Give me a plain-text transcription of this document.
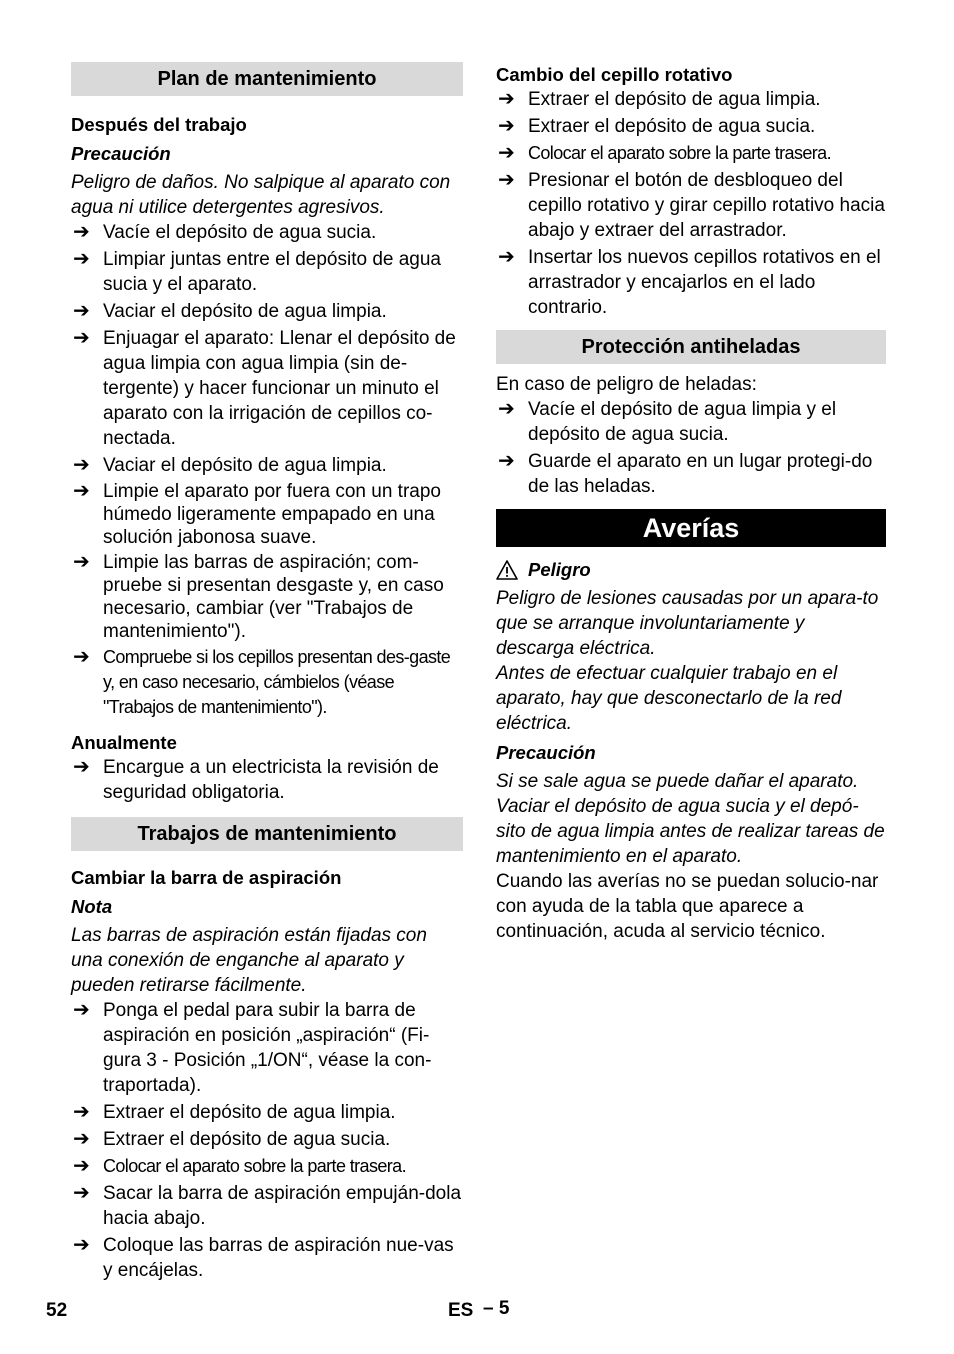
Plan de mantenimiento

Después del trabajo

Precaución

Peligro de daños. No salpique al aparato con agua ni utilice detergentes agresivos.

➔ Vacíe el depósito de agua sucia.
➔ Limpiar juntas entre el depósito de agua sucia y el aparato.
➔ Vaciar el depósito de agua limpia.
➔ Enjuagar el aparato: Llenar el depósito de agua limpia con agua limpia (sin de-tergente) y hacer funcionar un minuto el aparato con la irrigación de cepillos co-nectada.
➔ Vaciar el depósito de agua limpia.
➔ Limpie el aparato por fuera con un trapo húmedo ligeramente empapado en una solución jabonosa suave.
➔ Limpie las barras de aspiración; com-pruebe si presentan desgaste y, en caso necesario, cambiar (ver "Trabajos de mantenimiento").
➔ Compruebe si los cepillos presentan des-gaste y, en caso necesario, cámbielos (véase "Trabajos de mantenimiento").

Anualmente

➔ Encargue a un electricista la revisión de seguridad obligatoria.
Trabajos de mantenimiento

Cambiar la barra de aspiración

Nota

Las barras de aspiración están fijadas con una conexión de enganche al aparato y pueden retirarse fácilmente.

➔ Ponga el pedal para subir la barra de aspiración en posición „aspiración“ (Fi-gura 3 - Posición „1/ON“, véase la con-traportada).
➔ Extraer el depósito de agua limpia.
➔ Extraer el depósito de agua sucia.
➔ Colocar el aparato sobre la parte trasera.
➔ Sacar la barra de aspiración empuján-dola hacia abajo.
➔ Coloque las barras de aspiración nue-vas y encájelas.

Cambio del cepillo rotativo

➔ Extraer el depósito de agua limpia.
➔ Extraer el depósito de agua sucia.
➔ Colocar el aparato sobre la parte trasera.
➔ Presionar el botón de desbloqueo del cepillo rotativo y girar cepillo rotativo hacia abajo y extraer del arrastrador.
➔ Insertar los nuevos cepillos rotativos en el arrastrador y encajarlos en el lado contrario.
Protección antiheladas

En caso de peligro de heladas:

➔ Vacíe el depósito de agua limpia y el depósito de agua sucia.
➔ Guarde el aparato en un lugar protegi-do de las heladas.
Averías
Peligro

Peligro de lesiones causadas por un apara-to que se arranque involuntariamente y descarga eléctrica.

Antes de efectuar cualquier trabajo en el aparato, hay que desconectarlo de la red eléctrica.

Precaución

Si se sale agua se puede dañar el aparato. Vaciar el depósito de agua sucia y el depó-sito de agua limpia antes de realizar tareas de mantenimiento en el aparato.

Cuando las averías no se puedan solucio-nar con ayuda de la tabla que aparece a continuación, acuda al servicio técnico.

52	ES – 5
